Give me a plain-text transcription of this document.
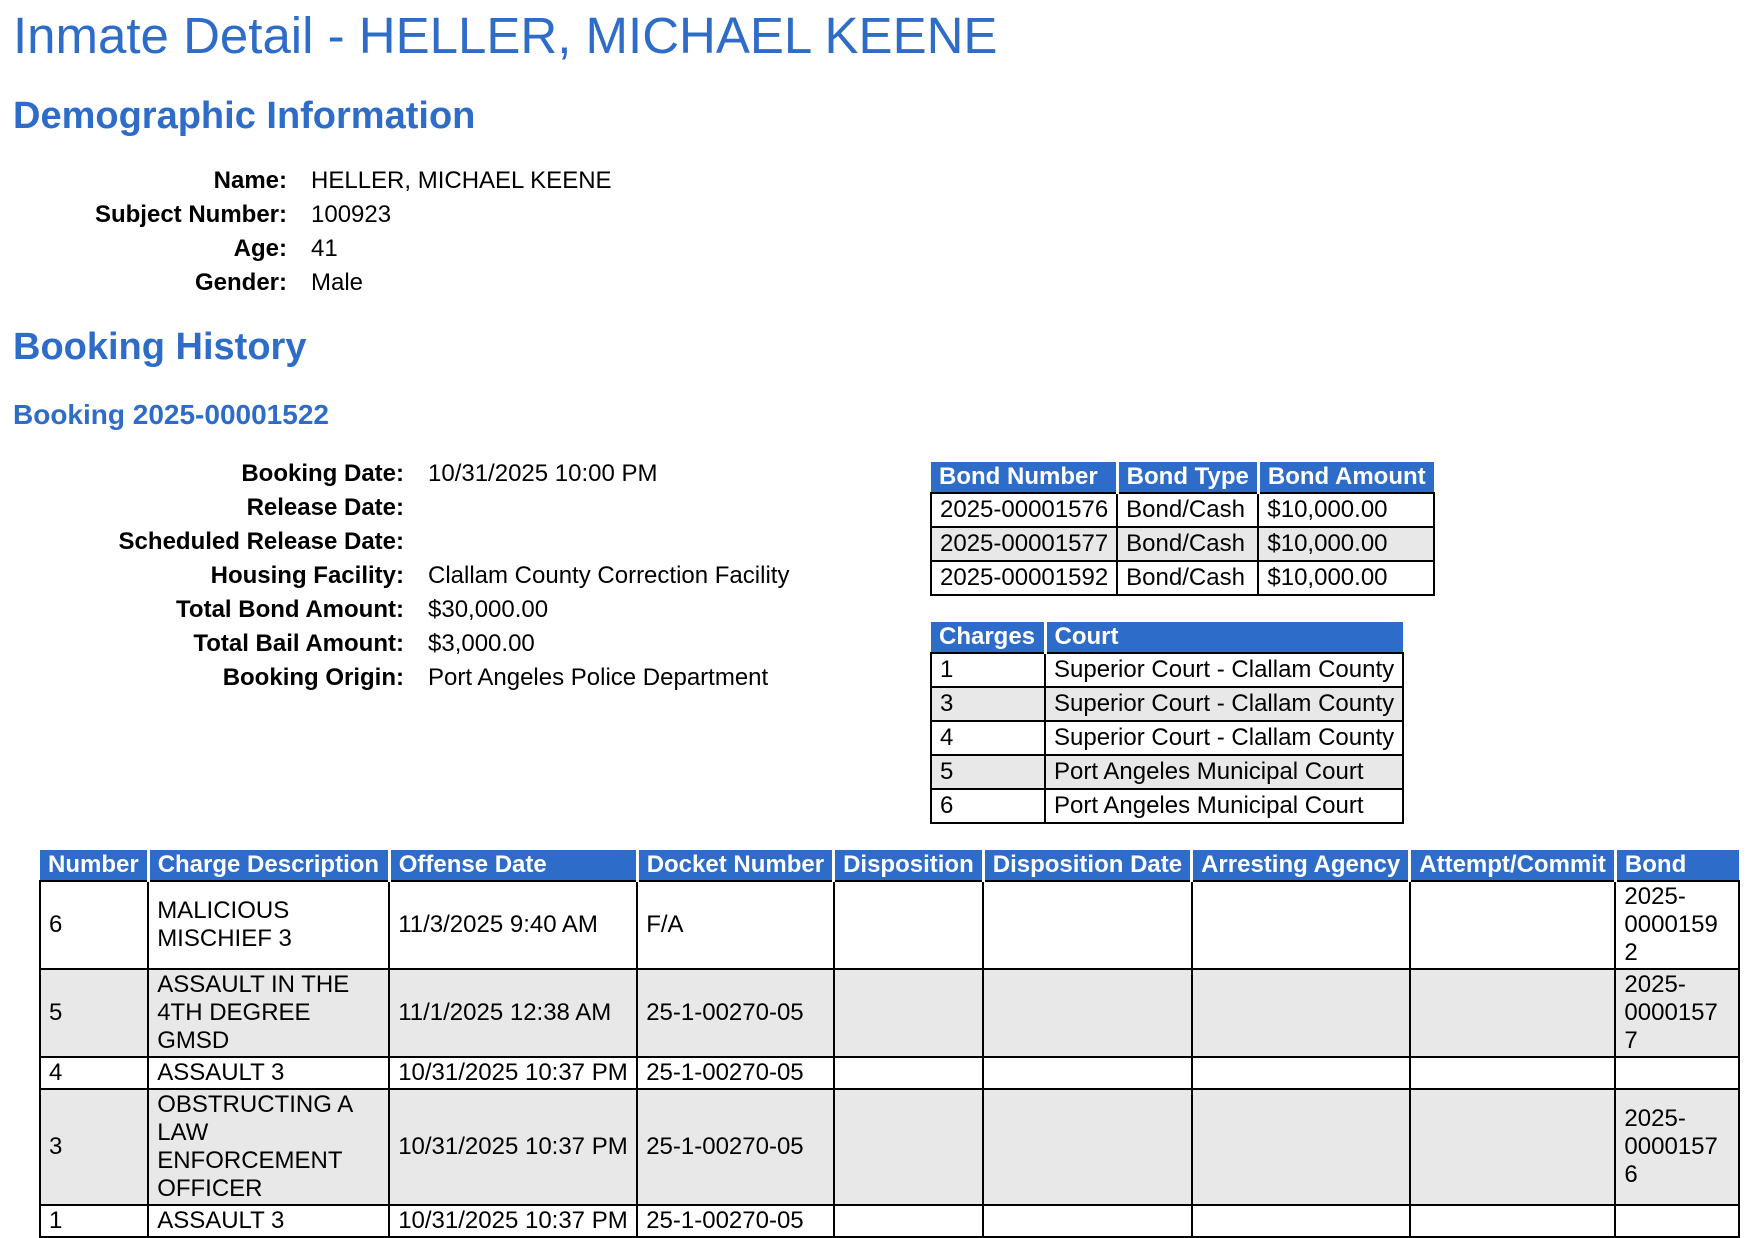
Inmate Detail - HELLER, MICHAEL KEENE
Demographic Information
Name:	HELLER, MICHAEL KEENE
Subject Number:	100923
Age:	41
Gender:	Male
Booking History
Booking 2025-00001522
Booking Date:	10/31/2025 10:00 PM
Release Date:
Scheduled Release Date:
Housing Facility:	Clallam County Correction Facility
Total Bond Amount:	$30,000.00
Total Bail Amount:	$3,000.00
Booking Origin:	Port Angeles Police Department
Bond Number	Bond Type	Bond Amount
2025-00001576	Bond/Cash	$10,000.00
2025-00001577	Bond/Cash	$10,000.00
2025-00001592	Bond/Cash	$10,000.00
Charges	Court
1	Superior Court - Clallam County
3	Superior Court - Clallam County
4	Superior Court - Clallam County
5	Port Angeles Municipal Court
6	Port Angeles Municipal Court
Number	Charge Description	Offense Date	Docket Number	Disposition	Disposition Date	Arresting Agency	Attempt/Commit	Bond
6	MALICIOUS MISCHIEF 3	11/3/2025 9:40 AM	F/A					2025-00001592
5	ASSAULT IN THE 4TH DEGREE GMSD	11/1/2025 12:38 AM	25-1-00270-05					2025-00001577
4	ASSAULT 3	10/31/2025 10:37 PM	25-1-00270-05					
3	OBSTRUCTING A LAW ENFORCEMENT OFFICER	10/31/2025 10:37 PM	25-1-00270-05					2025-00001576
1	ASSAULT 3	10/31/2025 10:37 PM	25-1-00270-05					
